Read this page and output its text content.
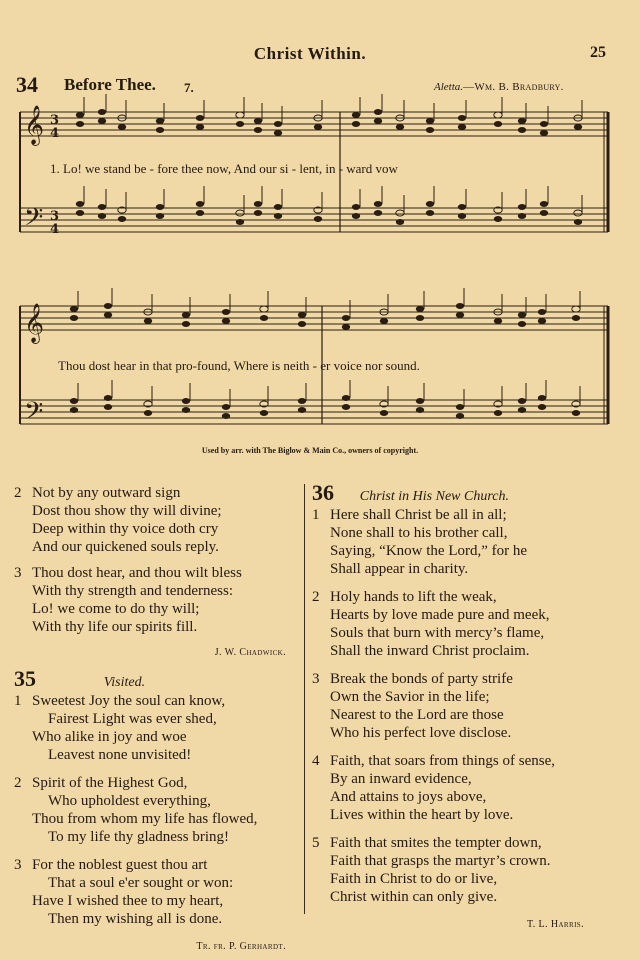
Christ Within.	25
34 Before Thee. 7.	Aletta.—Wm. B. Bradbury.
𝄞
𝄢
𝄞
𝄢
3
4
3
4
1. Lo! we stand be - fore thee now, And our si - lent, in - ward vow
Thou dost hear in that pro-found, Where is neith - er voice nor sound.
Used by arr. with The Biglow & Main Co., owners of copyright.
2 Not by any outward sign
Dost thou show thy will divine;
Deep within thy voice doth cry
And our quickened souls reply.
3 Thou dost hear, and thou wilt bless
With thy strength and tenderness:
Lo! we come to do thy will;
With thy life our spirits fill.
J. W. Chadwick.
35	Visited.
1 Sweetest Joy the soul can know,
Fairest Light was ever shed,
Who alike in joy and woe
Leavest none unvisited!
2 Spirit of the Highest God,
Who upholdest everything,
Thou from whom my life has flowed,
To my life thy gladness bring!
3 For the noblest guest thou art
That a soul e'er sought or won:
Have I wished thee to my heart,
Then my wishing all is done.
Tr. fr. P. Gerhardt.
36 Christ in His New Church.
1 Here shall Christ be all in all;
None shall to his brother call,
Saying, “Know the Lord,” for he
Shall appear in charity.
2 Holy hands to lift the weak,
Hearts by love made pure and meek,
Souls that burn with mercy’s flame,
Shall the inward Christ proclaim.
3 Break the bonds of party strife
Own the Savior in the life;
Nearest to the Lord are those
Who his perfect love disclose.
4 Faith, that soars from things of sense,
By an inward evidence,
And attains to joys above,
Lives within the heart by love.
5 Faith that smites the tempter down,
Faith that grasps the martyr’s crown.
Faith in Christ to do or live,
Christ within can only give.
T. L. Harris.
